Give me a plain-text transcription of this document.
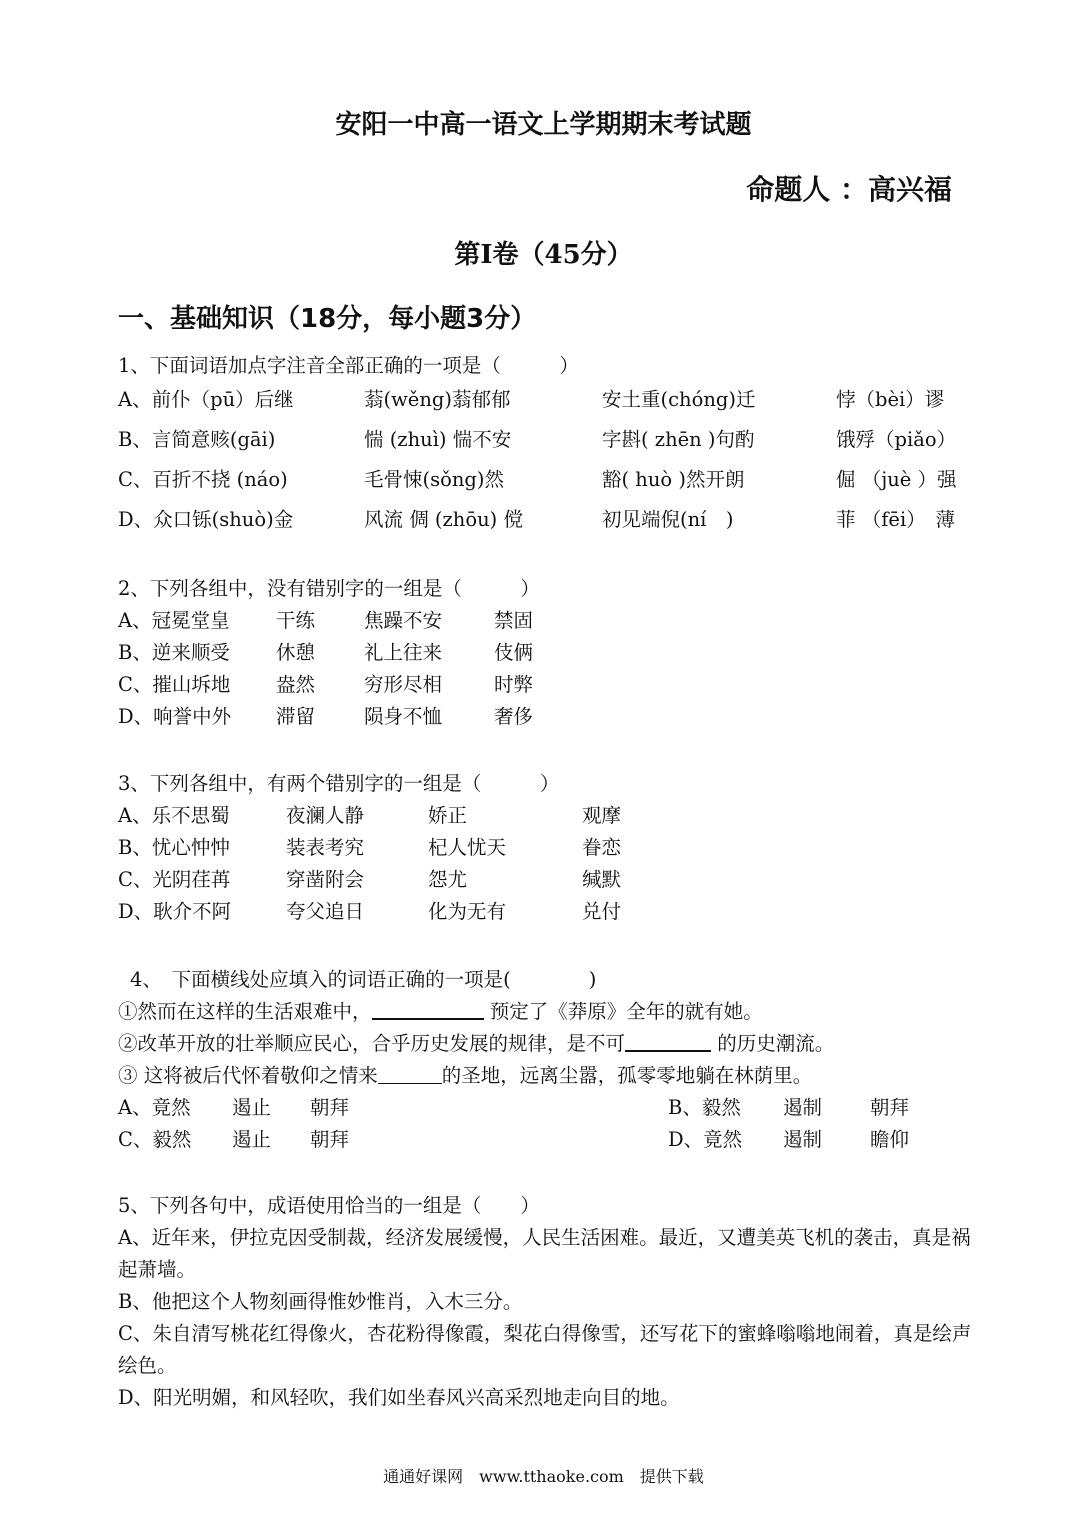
安阳一中高一语文上学期期末考试题
命题人 ：高兴福
第Ⅰ卷（45分）
一、基础知识（18分，每小题3分）
1、下面词语加点字注音全部正确的一项是（　　　）
A、前仆（pū）后继	蓊(wěng)蓊郁郁	安土重(chóng)迁	悖（bèi）谬
B、言简意赅(gāi)	惴 (zhuì) 惴不安	字斟( zhēn )句酌	饿殍（piǎo）
C、百折不挠 (náo)	毛骨悚(sǒng)然	豁( huò )然开朗	倔 （juè ）强
D、众口铄(shuò)金	风流 倜 (zhōu) 傥	初见端倪(ní　)	菲 （fēi）　薄
2、下列各组中，没有错别字的一组是（　　　）
A、冠冕堂皇 干练	焦躁不安	禁固
B、逆来顺受 休憩	礼上往来	伎俩
C、摧山坼地 盎然	穷形尽相	时弊
D、响誉中外 滞留	陨身不恤	奢侈
3、下列各组中，有两个错别字的一组是（　　　）
A、乐不思蜀	夜澜人静	娇正	观摩
B、忧心忡忡	装表考究	杞人忧天	眷恋
C、光阴荏苒	穿凿附会	怨尤	缄默
D、耿介不阿	夸父追日	化为无有	兑付
4、　下面横线处应填入的词语正确的一项是(　　　　)
①然而在这样的生活艰难中，	预定了《莽原》全年的就有她。
②改革开放的壮举顺应民心，合乎历史发展的规律，是不可	的历史潮流。
③ 这将被后代怀着敬仰之情来	的圣地，远离尘嚣，孤零零地躺在林荫里。
A、竟然 遏止 朝拜	B、毅然 遏制 朝拜
C、毅然 遏止 朝拜	D、竟然 遏制 瞻仰
5、下列各句中，成语使用恰当的一组是（　　）
A、近年来，伊拉克因受制裁，经济发展缓慢，人民生活困难。最近，又遭美英飞机的袭击，真是祸起萧墙。
B、他把这个人物刻画得惟妙惟肖，入木三分。
C、朱自清写桃花红得像火，杏花粉得像霞，梨花白得像雪，还写花下的蜜蜂嗡嗡地闹着，真是绘声绘色。
D、阳光明媚，和风轻吹，我们如坐春风兴高采烈地走向目的地。
通通好课网　www.tthaoke.com　提供下载
